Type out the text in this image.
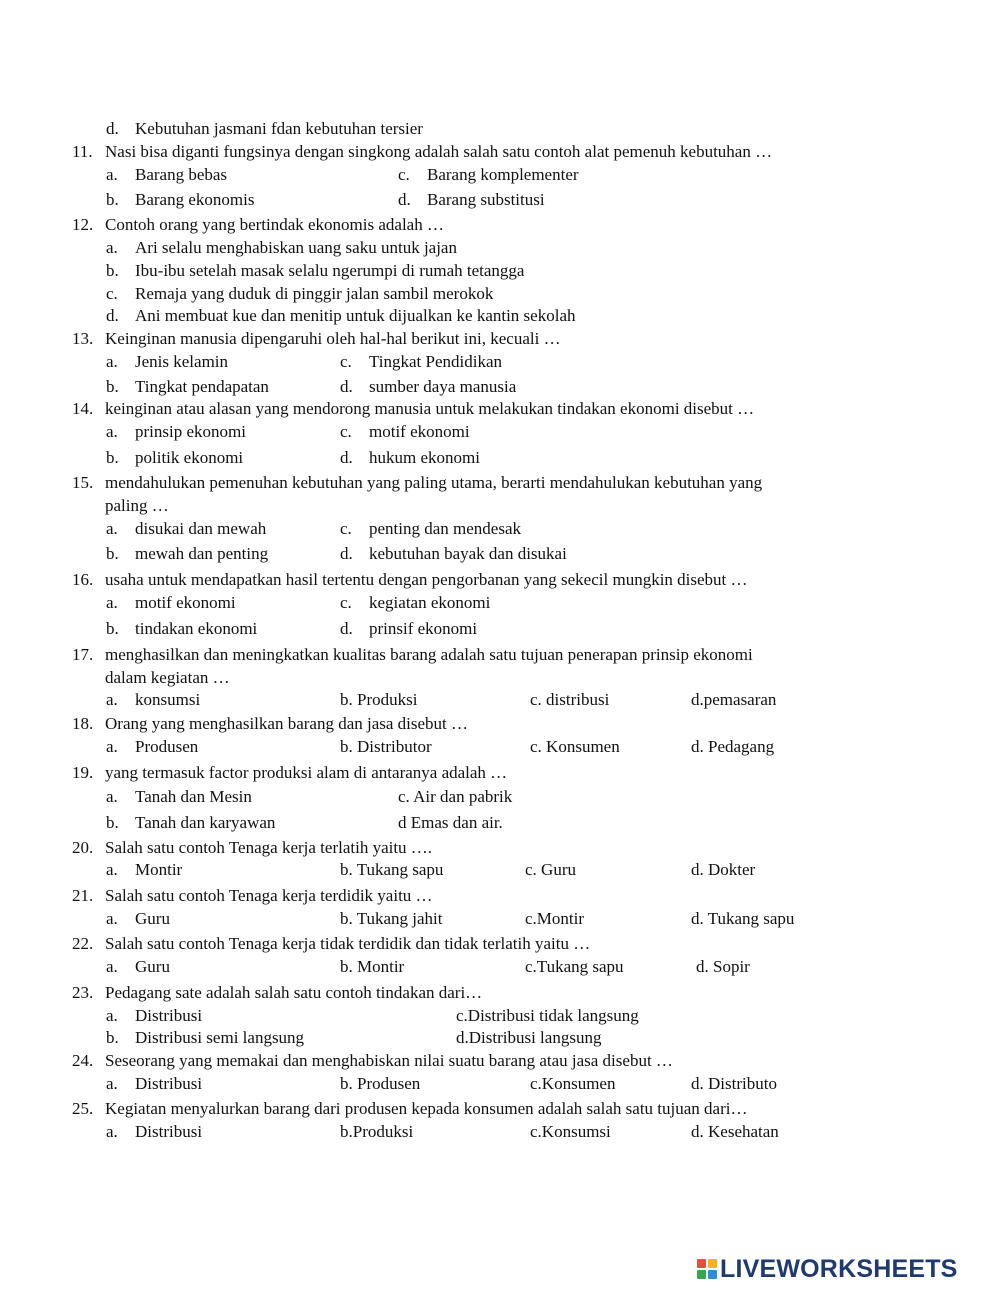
d. Kebutuhan jasmani fdan kebutuhan tersier
11. Nasi bisa diganti fungsinya dengan singkong adalah salah satu contoh alat pemenuh kebutuhan …
a. Barang bebas	c. Barang komplementer
b. Barang ekonomis	d. Barang substitusi
12. Contoh orang yang bertindak ekonomis adalah …
a. Ari selalu menghabiskan uang saku untuk jajan
b. Ibu-ibu setelah masak selalu ngerumpi di rumah tetangga
c. Remaja yang duduk di pinggir jalan sambil merokok
d. Ani membuat kue dan menitip untuk dijualkan ke kantin sekolah
13. Keinginan manusia dipengaruhi oleh hal-hal berikut ini, kecuali …
a. Jenis kelamin	c. Tingkat Pendidikan
b. Tingkat pendapatan	d. sumber daya manusia
14. keinginan atau alasan yang mendorong manusia untuk melakukan tindakan ekonomi disebut …
a. prinsip ekonomi	c. motif ekonomi
b. politik ekonomi	d. hukum ekonomi
15. mendahulukan pemenuhan kebutuhan yang paling utama, berarti mendahulukan kebutuhan yang
paling …
a. disukai dan mewah	c. penting dan mendesak
b. mewah dan penting	d. kebutuhan bayak dan disukai
16. usaha untuk mendapatkan hasil tertentu dengan pengorbanan yang sekecil mungkin disebut …
a. motif ekonomi	c. kegiatan ekonomi
b. tindakan ekonomi	d. prinsif ekonomi
17. menghasilkan dan meningkatkan kualitas barang adalah satu tujuan penerapan prinsip ekonomi
dalam kegiatan …
a. konsumsi	b. Produksi	c. distribusi	d.pemasaran
18. Orang yang menghasilkan barang dan jasa disebut …
a. Produsen	b. Distributor	c. Konsumen	d. Pedagang
19. yang termasuk factor produksi alam di antaranya adalah …
a. Tanah dan Mesin	c. Air dan pabrik
b. Tanah dan karyawan	d Emas dan air.
20. Salah satu contoh Tenaga kerja terlatih yaitu ….
a. Montir	b. Tukang sapu	c. Guru	d. Dokter
21. Salah satu contoh Tenaga kerja terdidik yaitu …
a. Guru	b. Tukang jahit	c.Montir	d. Tukang sapu
22. Salah satu contoh Tenaga kerja tidak terdidik dan tidak terlatih yaitu …
a. Guru	b. Montir	c.Tukang sapu	d. Sopir
23. Pedagang sate adalah salah satu contoh tindakan dari…
a. Distribusi	c.Distribusi tidak langsung
b. Distribusi semi langsung	d.Distribusi langsung
24. Seseorang yang memakai dan menghabiskan nilai suatu barang atau jasa disebut …
a. Distribusi	b. Produsen	c.Konsumen	d. Distributo
25. Kegiatan menyalurkan barang dari produsen kepada konsumen adalah salah satu tujuan dari…
a. Distribusi	b.Produksi	c.Konsumsi	d. Kesehatan
LIVEWORKSHEETS
